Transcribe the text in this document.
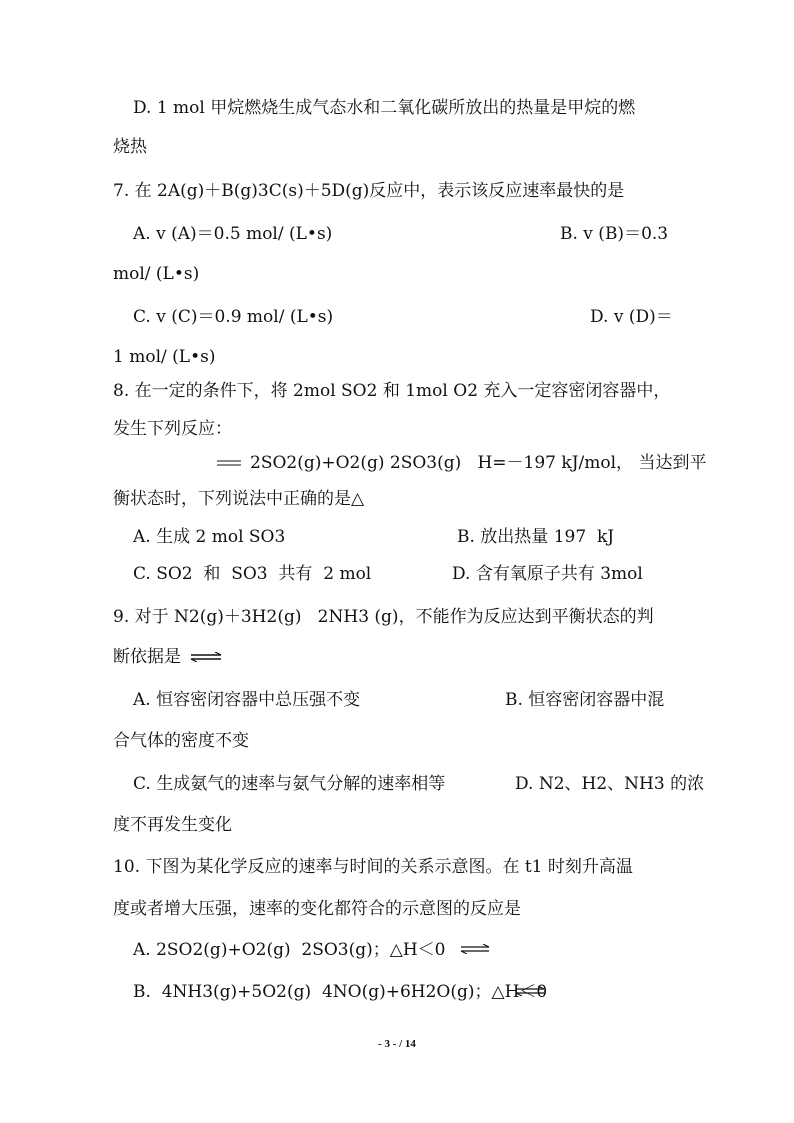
D. 1 mol 甲烷燃烧生成气态水和二氧化碳所放出的热量是甲烷的燃
烧热
7. 在 2A(g)＋B(g)3C(s)＋5D(g)反应中，表示该反应速率最快的是
A. v (A)＝0.5 mol/ (L•s)	B. v (B)＝0.3
mol/ (L•s)
C. v (C)＝0.9 mol/ (L•s)	D. v (D)＝
1 mol/ (L•s)
8. 在一定的条件下，将 2mol SO2 和 1mol O2 充入一定容密闭容器中，
发生下列反应：
2SO2(g)+O2(g) 2SO3(g)   H=－197 kJ/mol， 当达到平
衡状态时，下列说法中正确的是△
A. 生成 2 mol SO3	B. 放出热量 197  kJ
C. SO2  和  SO3  共有  2 mol	D. 含有氧原子共有 3mol
9. 对于 N2(g)＋3H2(g)   2NH3 (g)，不能作为反应达到平衡状态的判
断依据是 ⇌
A. 恒容密闭容器中总压强不变	B. 恒容密闭容器中混
合气体的密度不变
C. 生成氨气的速率与氨气分解的速率相等	D. N2、H2、NH3 的浓
度不再发生变化
10. 下图为某化学反应的速率与时间的关系示意图。在 t1 时刻升高温
度或者增大压强，速率的变化都符合的示意图的反应是
A. 2SO2(g)+O2(g)  2SO3(g)；△H＜0 ⇌
B.  4NH3(g)+5O2(g)  4NO(g)+6H2O(g)；△H＜0
- 3 - / 14
